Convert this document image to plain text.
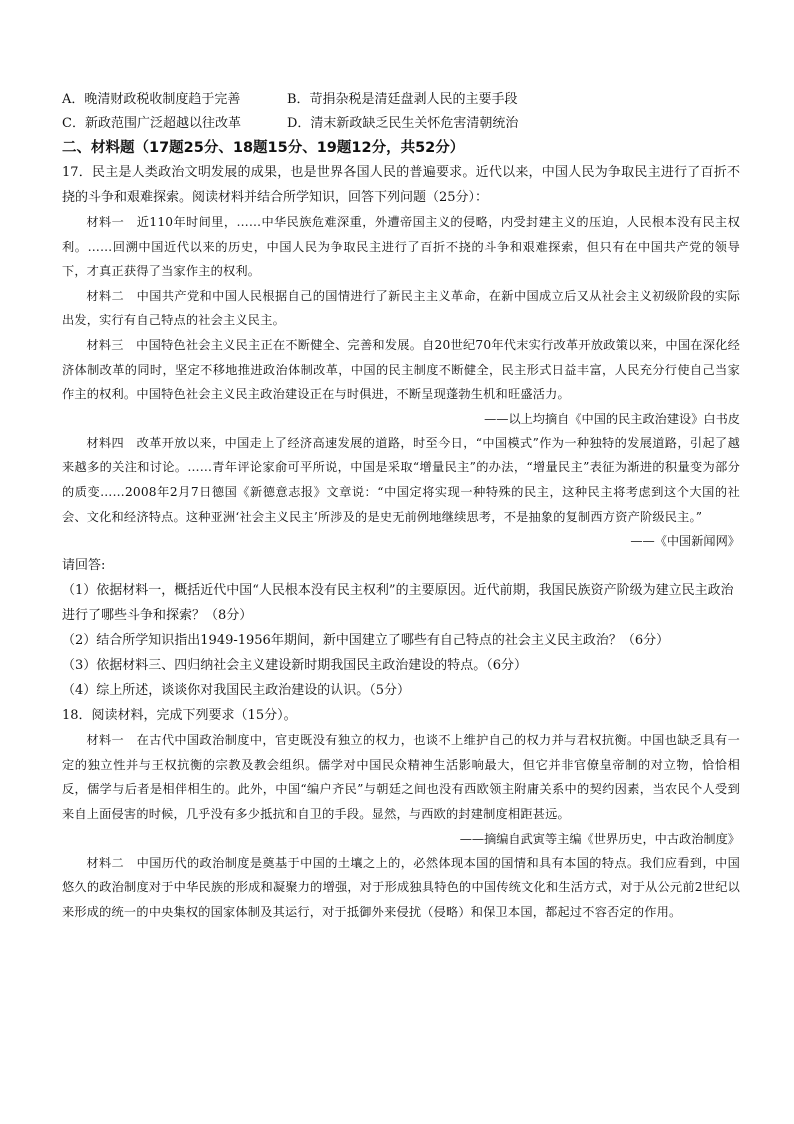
A．晚清财政税收制度趋于完善	B．苛捐杂税是清廷盘剥人民的主要手段
C．新政范围广泛超越以往改革	D．清末新政缺乏民生关怀危害清朝统治
二、材料题（17题25分、18题15分、19题12分，共52分）
17．民主是人类政治文明发展的成果，也是世界各国人民的普遍要求。近代以来，中国人民为争取民主进行了百折不挠的斗争和艰难探索。阅读材料并结合所学知识，回答下列问题（25分）：
材料一　近110年时间里，……中华民族危难深重，外遭帝国主义的侵略，内受封建主义的压迫，人民根本没有民主权利。……回溯中国近代以来的历史，中国人民为争取民主进行了百折不挠的斗争和艰难探索，但只有在中国共产党的领导下，才真正获得了当家作主的权利。
材料二　中国共产党和中国人民根据自己的国情进行了新民主主义革命，在新中国成立后又从社会主义初级阶段的实际出发，实行有自己特点的社会主义民主。
材料三　中国特色社会主义民主正在不断健全、完善和发展。自20世纪70年代末实行改革开放政策以来，中国在深化经济体制改革的同时，坚定不移地推进政治体制改革，中国的民主制度不断健全，民主形式日益丰富，人民充分行使自己当家作主的权利。中国特色社会主义民主政治建设正在与时俱进，不断呈现蓬勃生机和旺盛活力。
——以上均摘自《中国的民主政治建设》白书皮
材料四　改革开放以来，中国走上了经济高速发展的道路，时至今日，“中国模式”作为一种独特的发展道路，引起了越来越多的关注和讨论。……青年评论家俞可平所说，中国是采取“增量民主”的办法，“增量民主”表征为渐进的积量变为部分的质变……2008年2月7日德国《新德意志报》文章说：“中国定将实现一种特殊的民主，这种民主将考虑到这个大国的社会、文化和经济特点。这种亚洲‘社会主义民主’所涉及的是史无前例地继续思考，不是抽象的复制西方资产阶级民主。”
——《中国新闻网》
请回答:
（1）依据材料一，概括近代中国“人民根本没有民主权利”的主要原因。近代前期，我国民族资产阶级为建立民主政治进行了哪些斗争和探索？（8分）
（2）结合所学知识指出1949-1956年期间，新中国建立了哪些有自己特点的社会主义民主政治？（6分）
（3）依据材料三、四归纳社会主义建设新时期我国民主政治建设的特点。（6分）
（4）综上所述，谈谈你对我国民主政治建设的认识。（5分）
18．阅读材料，完成下列要求（15分）。
材料一　在古代中国政治制度中，官吏既没有独立的权力，也谈不上维护自己的权力并与君权抗衡。中国也缺乏具有一定的独立性并与王权抗衡的宗教及教会组织。儒学对中国民众精神生活影响最大，但它并非官僚皇帝制的对立物，恰恰相反，儒学与后者是相伴相生的。此外，中国“编户齐民”与朝廷之间也没有西欧领主附庸关系中的契约因素，当农民个人受到来自上面侵害的时候，几乎没有多少抵抗和自卫的手段。显然，与西欧的封建制度相距甚远。
——摘编自武寅等主编《世界历史，中古政治制度》
材料二　中国历代的政治制度是奠基于中国的土壤之上的，必然体现本国的国情和具有本国的特点。我们应看到，中国悠久的政治制度对于中华民族的形成和凝聚力的增强，对于形成独具特色的中国传统文化和生活方式，对于从公元前2世纪以来形成的统一的中央集权的国家体制及其运行，对于抵御外来侵扰（侵略）和保卫本国，都起过不容否定的作用。
